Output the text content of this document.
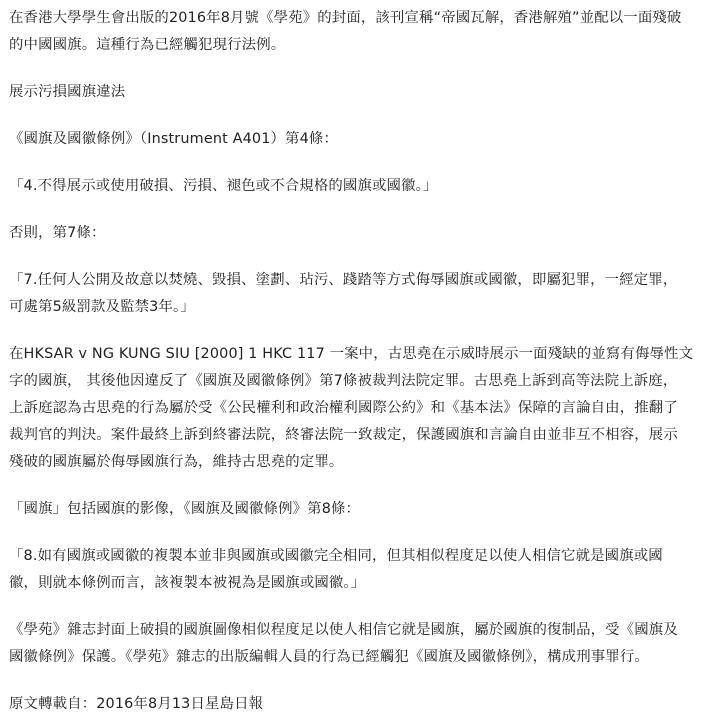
在香港大學學生會出版的2016年8月號《學苑》的封面，該刊宣稱“帝國瓦解，香港解殖”並配以一面殘破
的中國國旗。這種行為已經觸犯現行法例。
展示污損國旗違法
《國旗及國徽條例》（Instrument A401）第4條：
「4.不得展示或使用破損、污損、褪色或不合規格的國旗或國徽。」
否則，第7條：
「7.任何人公開及故意以焚燒、毀損、塗劃、玷污、踐踏等方式侮辱國旗或國徽，即屬犯罪，一經定罪，
可處第5級罰款及監禁3年。」
在HKSAR v NG KUNG SIU [2000] 1 HKC 117 一案中，古思堯在示威時展示一面殘缺的並寫有侮辱性文
字的國旗， 其後他因違反了《國旗及國徽條例》第7條被裁判法院定罪。古思堯上訴到高等法院上訴庭，
上訴庭認為古思堯的行為屬於受《公民權利和政治權利國際公約》和《基本法》保障的言論自由，推翻了
裁判官的判決。案件最終上訴到終審法院，終審法院一致裁定，保護國旗和言論自由並非互不相容，展示
殘破的國旗屬於侮辱國旗行為，維持古思堯的定罪。
「國旗」包括國旗的影像，《國旗及國徽條例》第8條：
「8.如有國旗或國徽的複製本並非與國旗或國徽完全相同，但其相似程度足以使人相信它就是國旗或國
徽，則就本條例而言，該複製本被視為是國旗或國徽。」
《學苑》雜志封面上破損的國旗圖像相似程度足以使人相信它就是國旗，屬於國旗的復制品，受《國旗及
國徽條例》保護。《學苑》雜志的出版編輯人員的行為已經觸犯《國旗及國徽條例》，構成刑事罪行。
原文轉載自：2016年8月13日星島日報
